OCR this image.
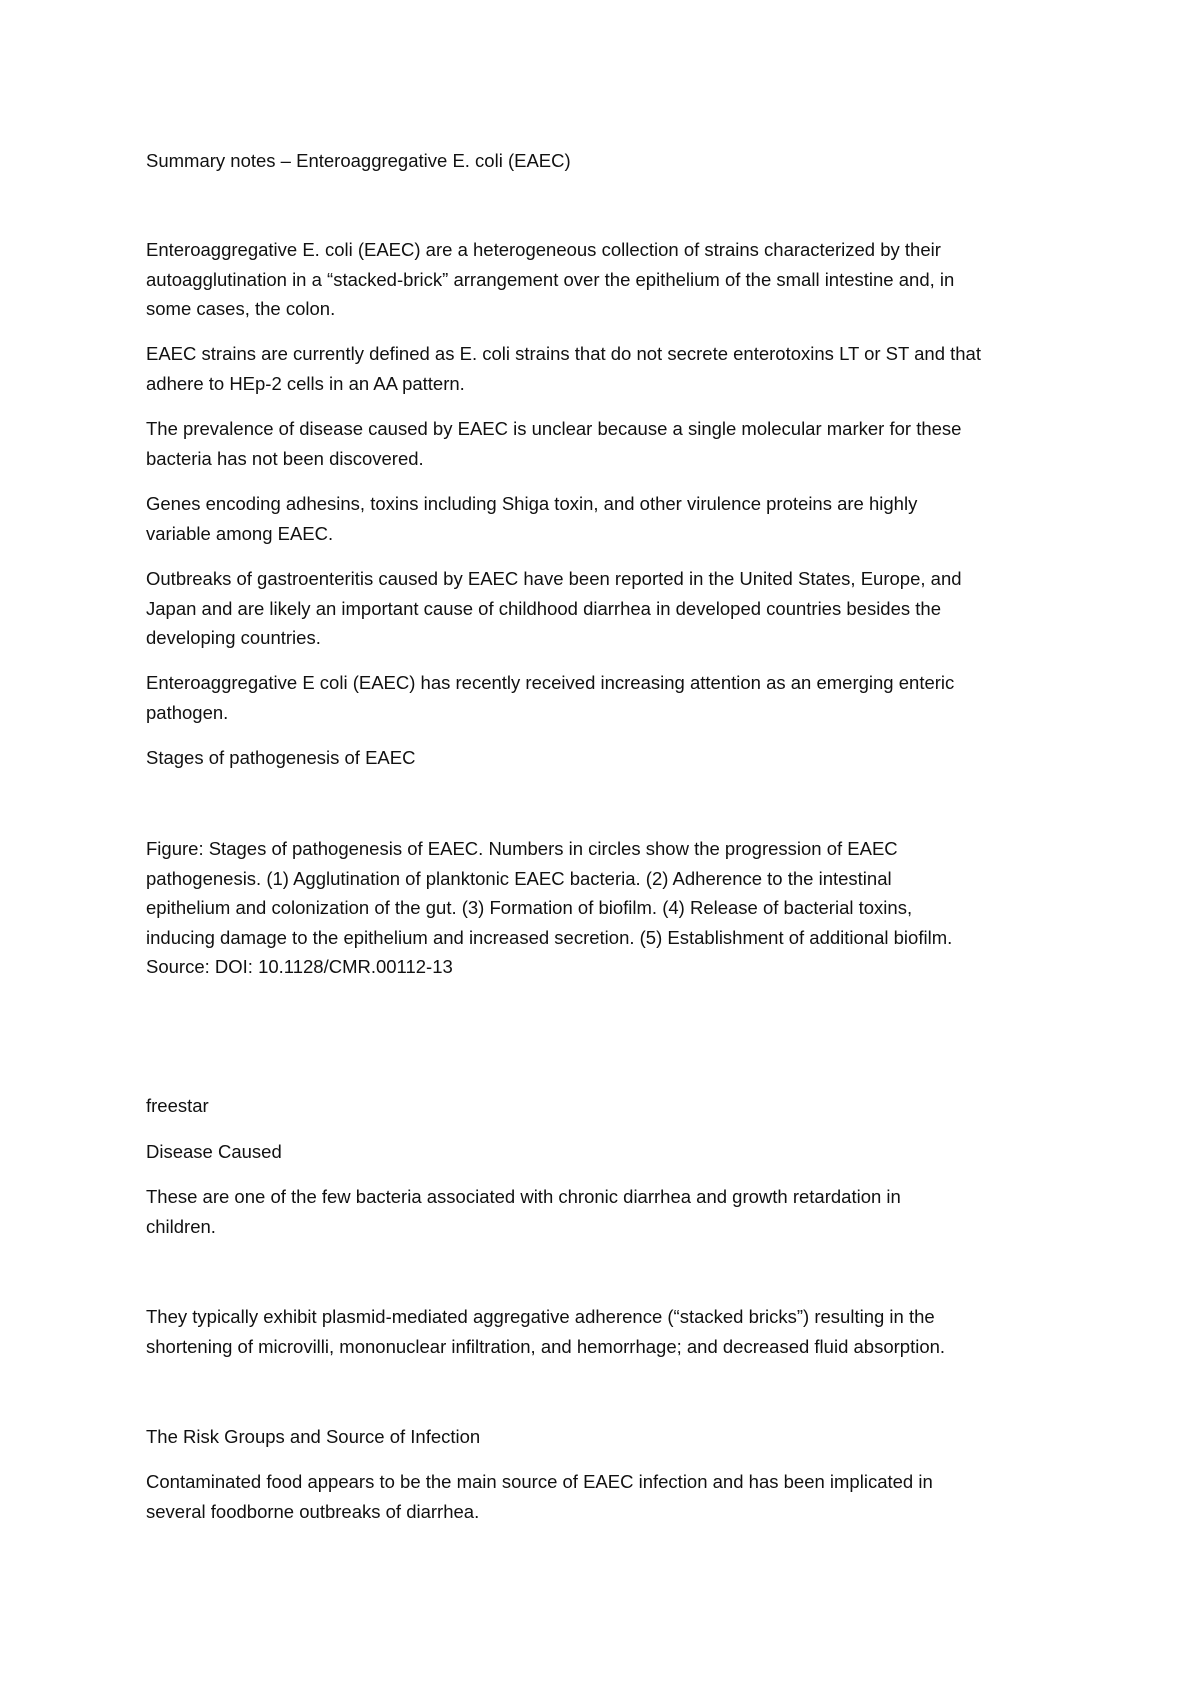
Summary notes – Enteroaggregative E. coli (EAEC)

Enteroaggregative E. coli (EAEC) are a heterogeneous collection of strains characterized by their
autoagglutination in a “stacked-brick” arrangement over the epithelium of the small intestine and, in
some cases, the colon.

EAEC strains are currently defined as E. coli strains that do not secrete enterotoxins LT or ST and that
adhere to HEp-2 cells in an AA pattern.

The prevalence of disease caused by EAEC is unclear because a single molecular marker for these
bacteria has not been discovered.

Genes encoding adhesins, toxins including Shiga toxin, and other virulence proteins are highly
variable among EAEC.

Outbreaks of gastroenteritis caused by EAEC have been reported in the United States, Europe, and
Japan and are likely an important cause of childhood diarrhea in developed countries besides the
developing countries.

Enteroaggregative E coli (EAEC) has recently received increasing attention as an emerging enteric
pathogen.

Stages of pathogenesis of EAEC

Figure: Stages of pathogenesis of EAEC. Numbers in circles show the progression of EAEC
pathogenesis. (1) Agglutination of planktonic EAEC bacteria. (2) Adherence to the intestinal
epithelium and colonization of the gut. (3) Formation of biofilm. (4) Release of bacterial toxins,
inducing damage to the epithelium and increased secretion. (5) Establishment of additional biofilm.
Source: DOI: 10.1128/CMR.00112-13

freestar

Disease Caused

These are one of the few bacteria associated with chronic diarrhea and growth retardation in
children.

They typically exhibit plasmid-mediated aggregative adherence (“stacked bricks”) resulting in the
shortening of microvilli, mononuclear infiltration, and hemorrhage; and decreased fluid absorption.

The Risk Groups and Source of Infection

Contaminated food appears to be the main source of EAEC infection and has been implicated in
several foodborne outbreaks of diarrhea.
